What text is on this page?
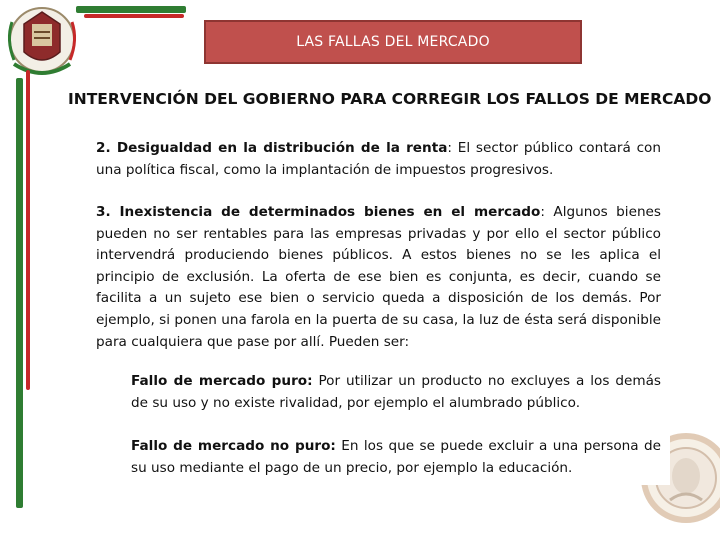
LAS FALLAS DEL MERCADO
INTERVENCIÓN DEL GOBIERNO PARA CORREGIR LOS FALLOS DE MERCADO
2. Desigualdad en la distribución de la renta: El sector público contará con una política fiscal, como la implantación de impuestos progresivos.
3. Inexistencia de determinados bienes en el mercado: Algunos bienes pueden no ser rentables para las empresas privadas y por ello el sector público intervendrá produciendo bienes públicos. A estos bienes no se les aplica el principio de exclusión. La oferta de ese bien es conjunta, es decir, cuando se facilita a un sujeto ese bien o servicio queda a disposición de los demás. Por ejemplo, si ponen una farola en la puerta de su casa, la luz de ésta será disponible para cualquiera que pase por allí. Pueden ser:
Fallo de mercado puro: Por utilizar un producto no excluyes a los demás de su uso y no existe rivalidad, por ejemplo el alumbrado público.
Fallo de mercado no puro: En los que se puede excluir a una persona de su uso mediante el pago de un precio, por ejemplo la educación.
